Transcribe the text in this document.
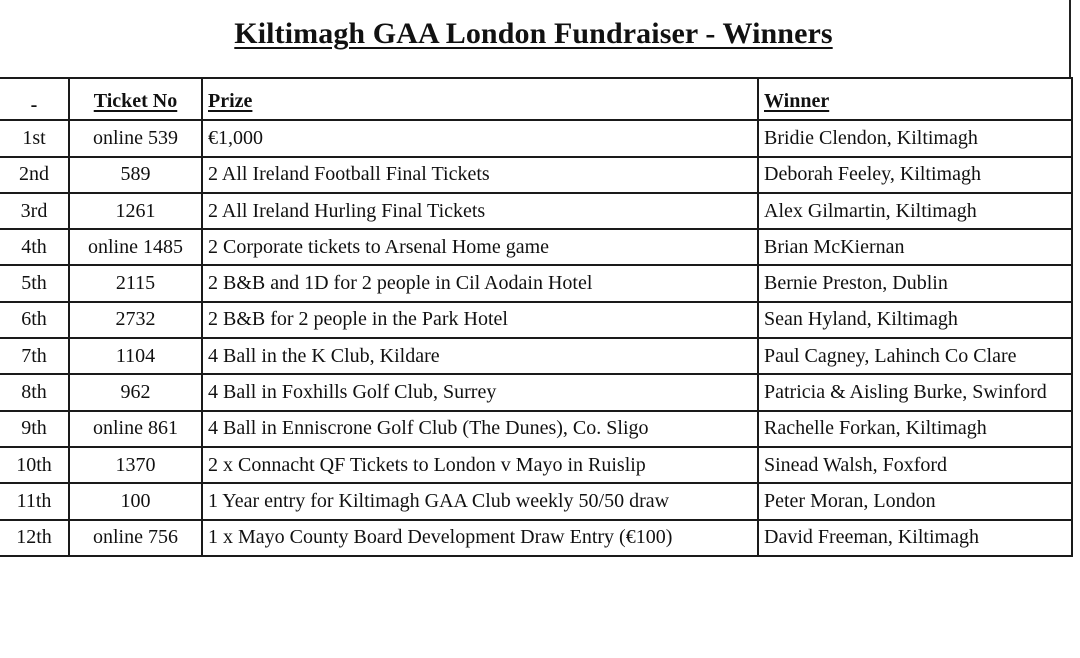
Kiltimagh GAA London Fundraiser - Winners
-	Ticket No	Prize	Winner
1st	online 539	€1,000	Bridie Clendon, Kiltimagh
2nd	589	2 All Ireland Football Final Tickets	Deborah Feeley, Kiltimagh
3rd	1261	2 All Ireland Hurling Final Tickets	Alex Gilmartin, Kiltimagh
4th	online 1485	2 Corporate tickets to Arsenal Home game	Brian McKiernan
5th	2115	2 B&B and 1D for 2 people in Cil Aodain Hotel	Bernie Preston, Dublin
6th	2732	2 B&B for 2 people in the Park Hotel	Sean Hyland, Kiltimagh
7th	1104	4 Ball in the K Club, Kildare	Paul Cagney, Lahinch Co Clare
8th	962	4 Ball in Foxhills Golf Club, Surrey	Patricia & Aisling Burke, Swinford
9th	online 861	4 Ball in Enniscrone Golf Club (The Dunes), Co. Sligo	Rachelle Forkan, Kiltimagh
10th	1370	2 x Connacht QF Tickets to London v Mayo in Ruislip	Sinead Walsh, Foxford
11th	100	1 Year entry for Kiltimagh GAA Club weekly 50/50 draw	Peter Moran, London
12th	online 756	1 x Mayo County Board Development Draw Entry (€100)	David Freeman, Kiltimagh
